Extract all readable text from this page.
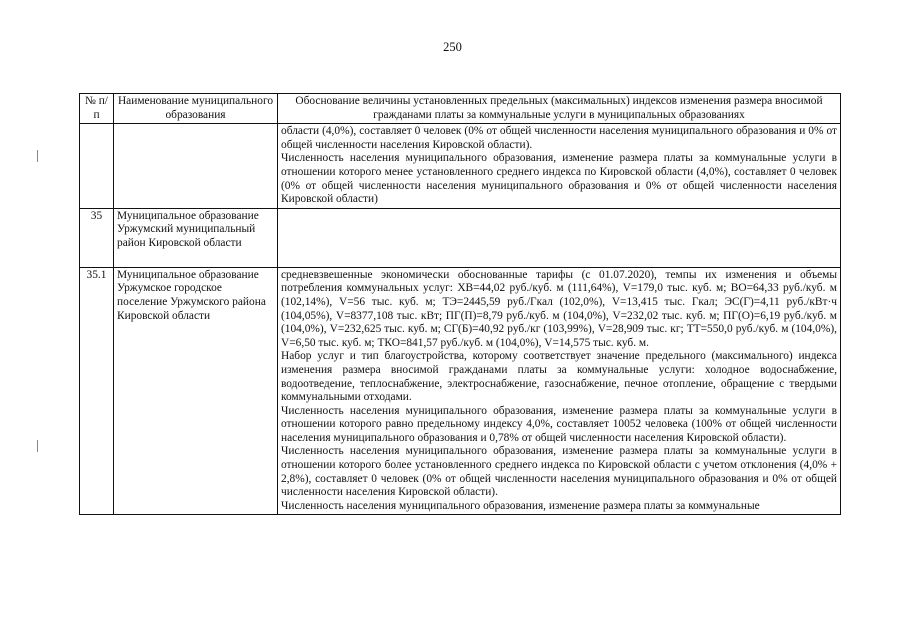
250
№ п/п	Наименование муниципального образования	Обоснование величины установленных предельных (максимальных) индексов изменения размера вносимой гражданами платы за коммунальные услуги в муниципальных образованиях

		области (4,0%), составляет 0 человек (0% от общей численности населения муниципального образования и 0% от общей численности населения Кировской области).

Численность населения муниципального образования, изменение размера платы за коммунальные услуги в отношении которого менее установленного среднего индекса по Кировской области (4,0%), составляет 0 человек (0% от общей численности населения муниципального образования и 0% от общей численности населения Кировской области)

35	Муниципальное образование Уржумский муниципальный район Кировской области	

35.1	Муниципальное образование Уржумское городское поселение Уржумского района Кировской области	средневзвешенные экономически обоснованные тарифы (с 01.07.2020), темпы их изменения и объемы потребления коммунальных услуг: ХВ=44,02 руб./куб. м (111,64%), V=179,0 тыс. куб. м; ВО=64,33 руб./куб. м (102,14%), V=56 тыс. куб. м; ТЭ=2445,59 руб./Гкал (102,0%), V=13,415 тыс. Гкал; ЭС(Г)=4,11 руб./кВт·ч (104,05%), V=8377,108 тыс. кВт; ПГ(П)=8,79 руб./куб. м (104,0%), V=232,02 тыс. куб. м; ПГ(О)=6,19 руб./куб. м (104,0%), V=232,625 тыс. куб. м; СГ(Б)=40,92 руб./кг (103,99%), V=28,909 тыс. кг; ТТ=550,0 руб./куб. м (104,0%), V=6,50 тыс. куб. м; ТКО=841,57 руб./куб. м (104,0%), V=14,575 тыс. куб. м.

Набор услуг и тип благоустройства, которому соответствует значение предельного (максимального) индекса изменения размера вносимой гражданами платы за коммунальные услуги: холодное водоснабжение, водоотведение, теплоснабжение, электроснабжение, газоснабжение, печное отопление, обращение с твердыми коммунальными отходами.

Численность населения муниципального образования, изменение размера платы за коммунальные услуги в отношении которого равно предельному индексу 4,0%, составляет 10052 человека (100% от общей численности населения муниципального образования и 0,78% от общей численности населения Кировской области).

Численность населения муниципального образования, изменение размера платы за коммунальные услуги в отношении которого более установленного среднего индекса по Кировской области с учетом отклонения (4,0% + 2,8%), составляет 0 человек (0% от общей численности населения муниципального образования и 0% от общей численности населения Кировской области).

Численность населения муниципального образования, изменение размера платы за коммунальные
